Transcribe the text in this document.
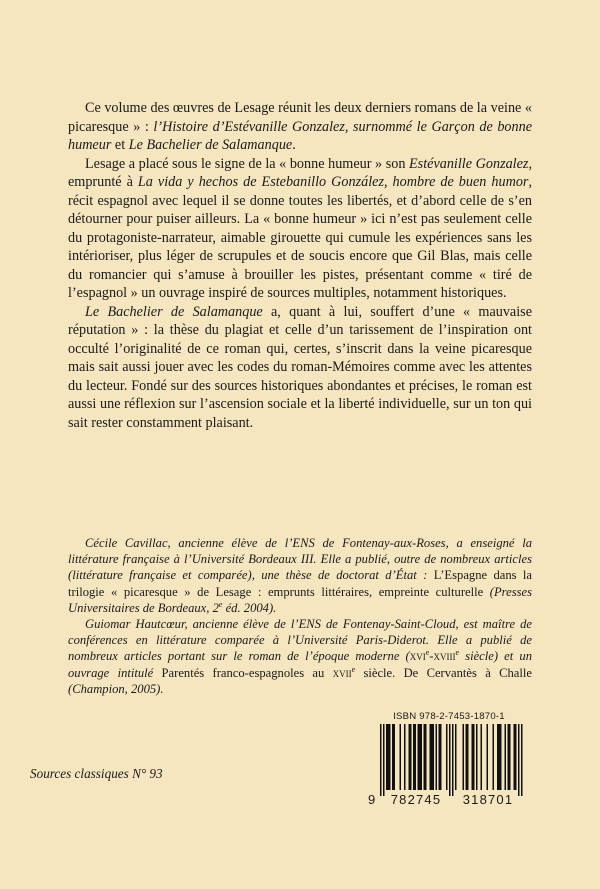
Ce volume des œuvres de Lesage réunit les deux derniers romans de la veine « picaresque » : l’Histoire d’Estévanille Gonzalez, surnommé le Garçon de bonne humeur et Le Bachelier de Salamanque.

Lesage a placé sous le signe de la « bonne humeur » son Estévanille Gonzalez, emprunté à La vida y hechos de Estebanillo González, hombre de buen humor, récit espagnol avec lequel il se donne toutes les libertés, et d’abord celle de s’en détourner pour puiser ailleurs. La « bonne humeur » ici n’est pas seulement celle du protagoniste-narrateur, aimable girouette qui cumule les expériences sans les intérioriser, plus léger de scrupules et de soucis encore que Gil Blas, mais celle du romancier qui s’amuse à brouiller les pistes, présentant comme « tiré de l’espagnol » un ouvrage inspiré de sources multiples, notamment historiques.

Le Bachelier de Salamanque a, quant à lui, souffert d’une « mauvaise réputation » : la thèse du plagiat et celle d’un tarissement de l’inspiration ont occulté l’originalité de ce roman qui, certes, s’inscrit dans la veine picaresque mais sait aussi jouer avec les codes du roman-Mémoires comme avec les attentes du lecteur. Fondé sur des sources historiques abondantes et précises, le roman est aussi une réflexion sur l’ascension sociale et la liberté individuelle, sur un ton qui sait rester constamment plaisant.

Cécile Cavillac, ancienne élève de l’ENS de Fontenay-aux-Roses, a enseigné la littérature française à l’Université Bordeaux III. Elle a publié, outre de nombreux articles (littérature française et comparée), une thèse de doctorat d’État : L’Espagne dans la trilogie « picaresque » de Lesage : emprunts littéraires, empreinte culturelle (Presses Universitaires de Bordeaux, 2e éd. 2004).

Guiomar Hautcœur, ancienne élève de l’ENS de Fontenay-Saint-Cloud, est maître de conférences en littérature comparée à l’Université Paris-Diderot. Elle a publié de nombreux articles portant sur le roman de l’époque moderne (xvi$^e$-xviii$^e$ siècle) et un ouvrage intitulé Parentés franco-espagnoles au xvii$^e$ siècle. De Cervantès à Challe (Champion, 2005).

Sources classiques N° 93
ISBN 978-2-7453-1870-1
9	782745	318701
